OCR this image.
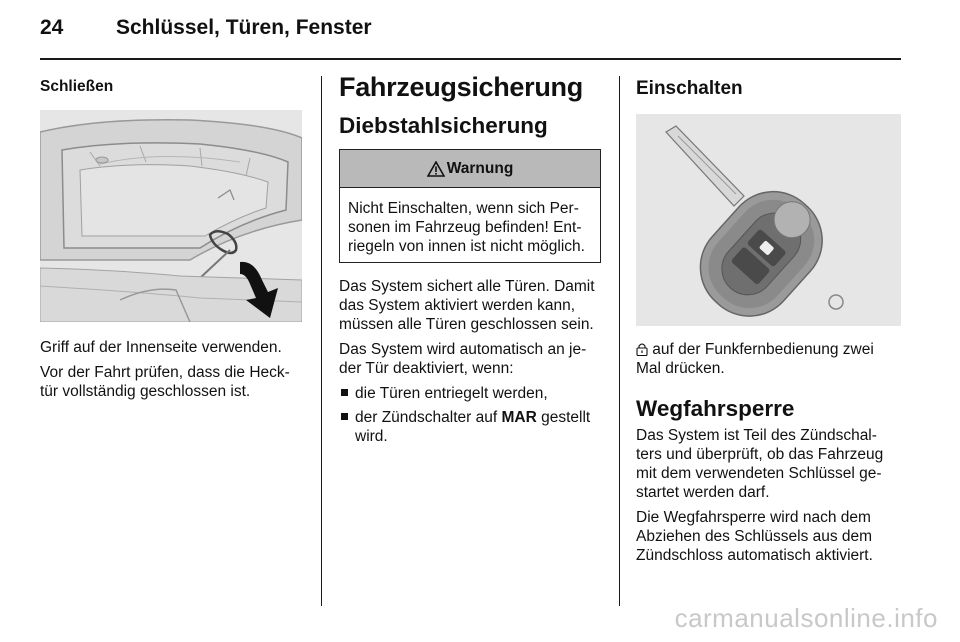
24	Schlüssel, Türen, Fenster
Schließen

Griff auf der Innenseite verwenden.

Vor der Fahrt prüfen, dass die Heck-
tür vollständig geschlossen ist.

Fahrzeugsicherung
Diebstahlsicherung
Warnung
Nicht Einschalten, wenn sich Per-
sonen im Fahrzeug befinden! Ent-
riegeln von innen ist nicht möglich.

Das System sichert alle Türen. Damit
das System aktiviert werden kann,
müssen alle Türen geschlossen sein.

Das System wird automatisch an je-
der Tür deaktiviert, wenn:

die Türen entriegelt werden,
der Zündschalter auf MAR gestellt
wird.
Einschalten

auf der Funkfernbedienung zwei
Mal drücken.

Wegfahrsperre

Das System ist Teil des Zündschal-
ters und überprüft, ob das Fahrzeug
mit dem verwendeten Schlüssel ge-
startet werden darf.

Die Wegfahrsperre wird nach dem
Abziehen des Schlüssels aus dem
Zündschloss automatisch aktiviert.

carmanualsonline.info
